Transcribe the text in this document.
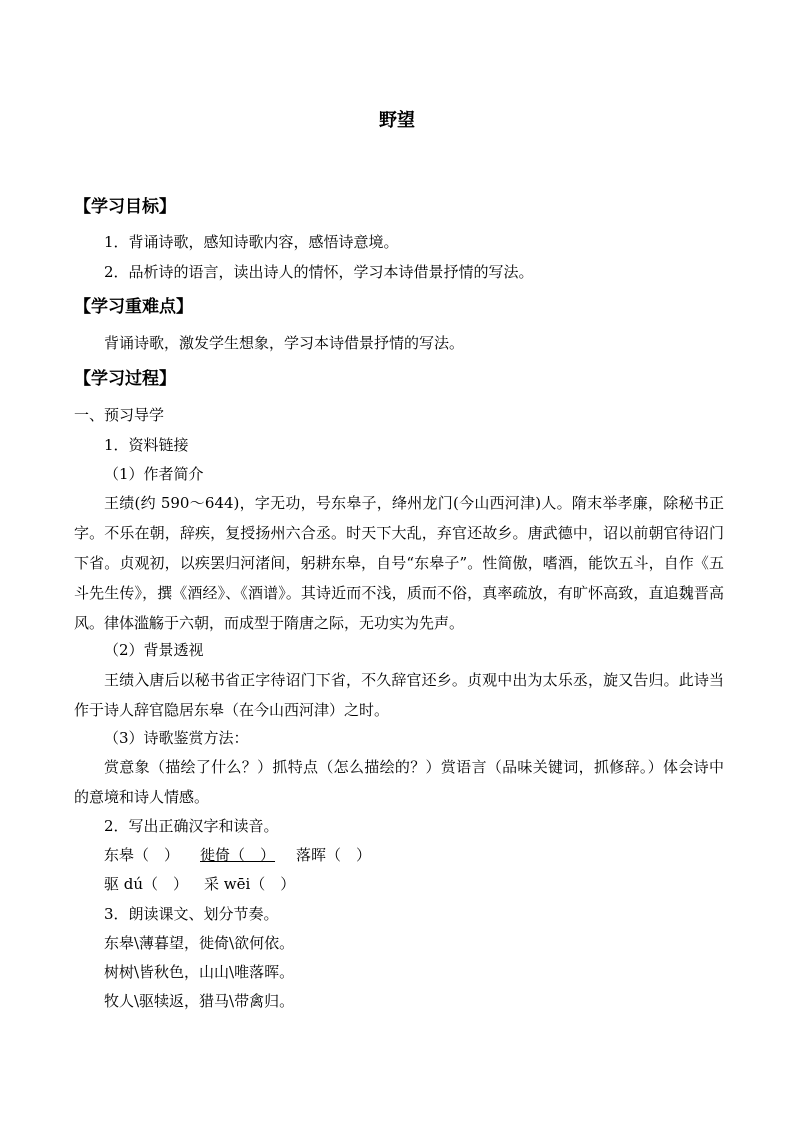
野望
【学习目标】
1．背诵诗歌，感知诗歌内容，感悟诗意境。
2．品析诗的语言，读出诗人的情怀，学习本诗借景抒情的写法。
【学习重难点】
背诵诗歌，激发学生想象，学习本诗借景抒情的写法。
【学习过程】
一、预习导学
1．资料链接
（1）作者简介
王绩(约 590～644)，字无功，号东皋子，绛州龙门(今山西河津)人。隋末举孝廉，除秘书正字。不乐在朝，辞疾，复授扬州六合丞。时天下大乱，弃官还故乡。唐武德中，诏以前朝官待诏门下省。贞观初，以疾罢归河渚间，躬耕东皋，自号“东皋子”。性简傲，嗜酒，能饮五斗，自作《五斗先生传》，撰《酒经》、《酒谱》。其诗近而不浅，质而不俗，真率疏放，有旷怀高致，直追魏晋高风。律体滥觞于六朝，而成型于隋唐之际，无功实为先声。
（2）背景透视
王绩入唐后以秘书省正字待诏门下省，不久辞官还乡。贞观中出为太乐丞，旋又告归。此诗当作于诗人辞官隐居东皋（在今山西河津）之时。
（3）诗歌鉴赏方法：
赏意象（描绘了什么？）抓特点（怎么描绘的？）赏语言（品味关键词，抓修辞。）体会诗中的意境和诗人情感。
2．写出正确汉字和读音。
东皋（　） 徙倚（　） 落晖（　）
驱 dú（　） 采 wēi（　）
3．朗读课文、划分节奏。
东皋\薄暮望，徙倚\欲何依。
树树\皆秋色，山山\唯落晖。
牧人\驱犊返，猎马\带禽归。
